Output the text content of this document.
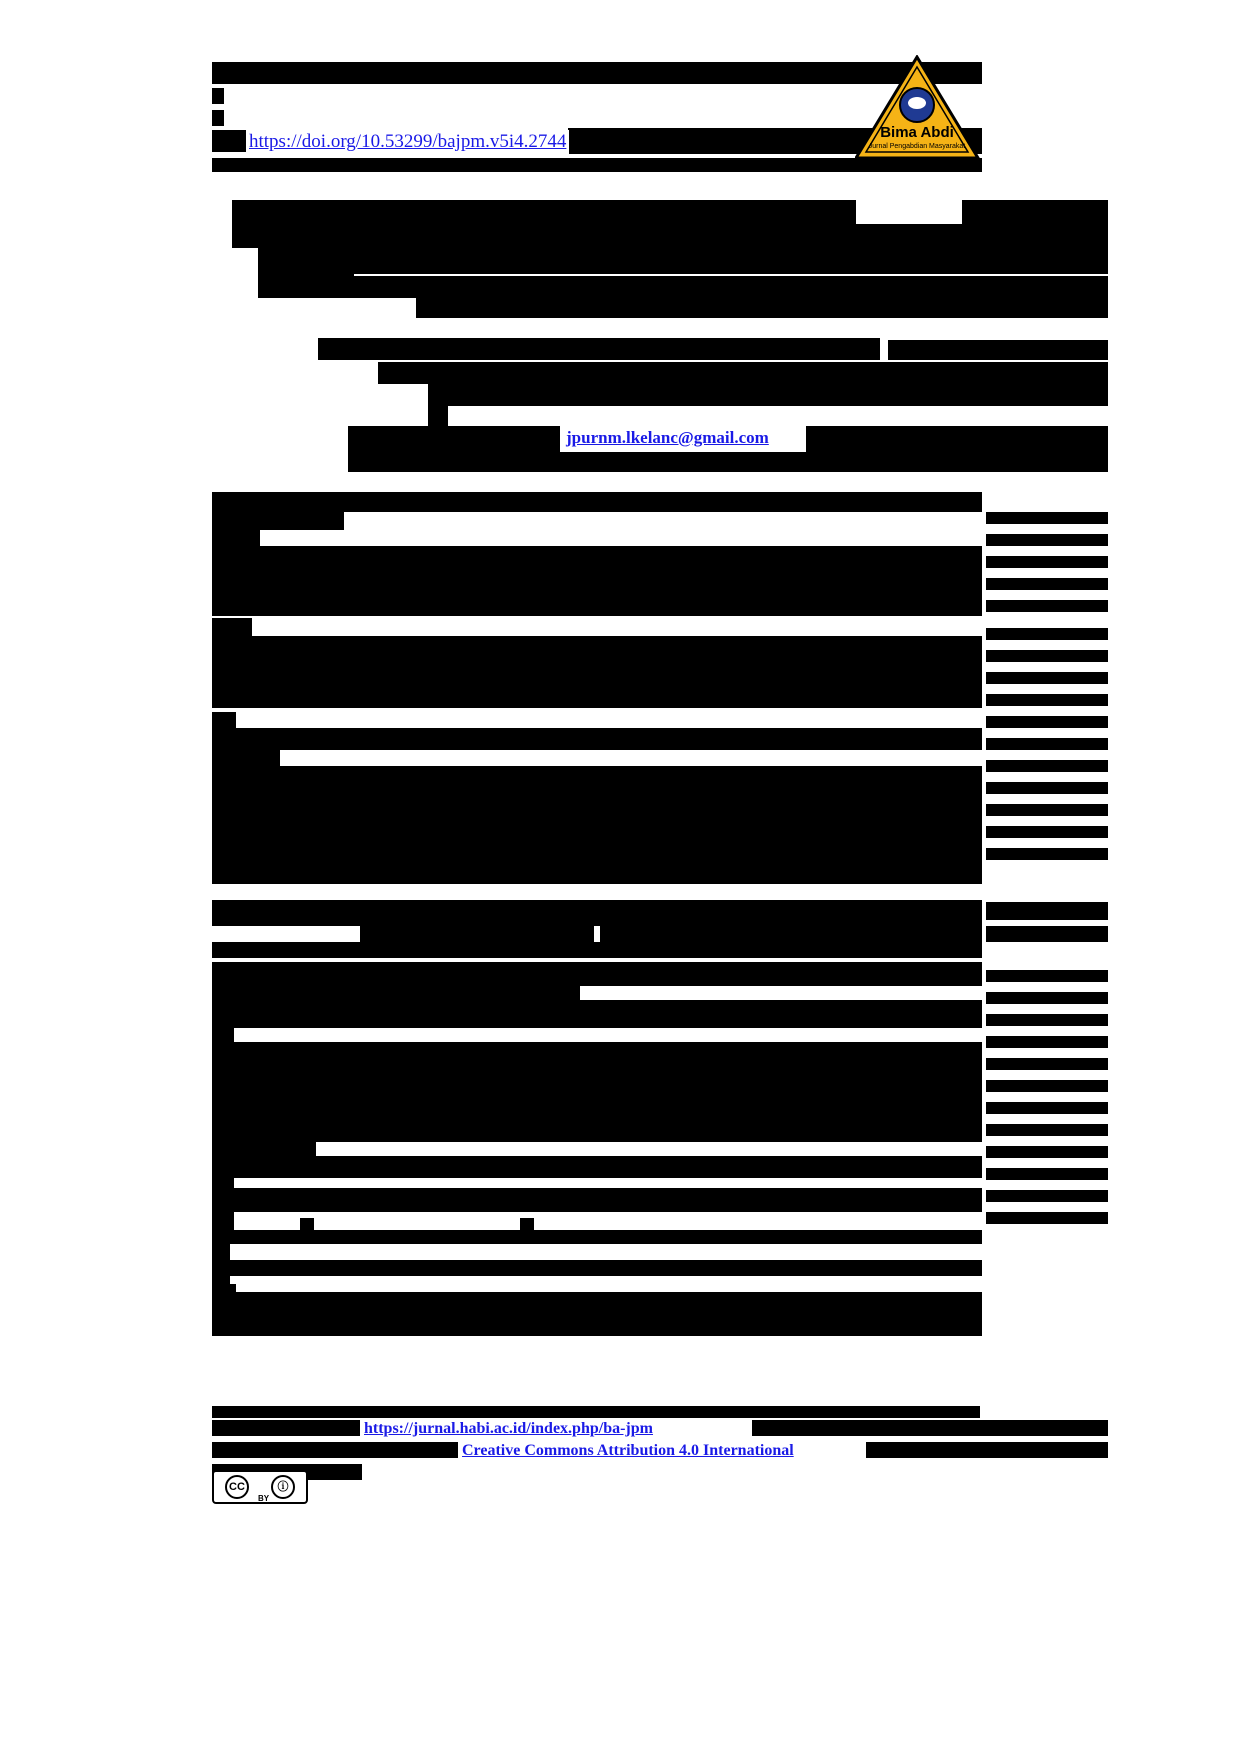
https://doi.org/10.53299/bajpm.v5i4.2744	Bima Abdi
Jurnal Pengabdian Masyarakat
jpurnm.lkelanc@gmail.com
https://jurnal.habi.ac.id/index.php/ba-jpm
Creative Commons Attribution 4.0 International
CC	ⓘ
BY
